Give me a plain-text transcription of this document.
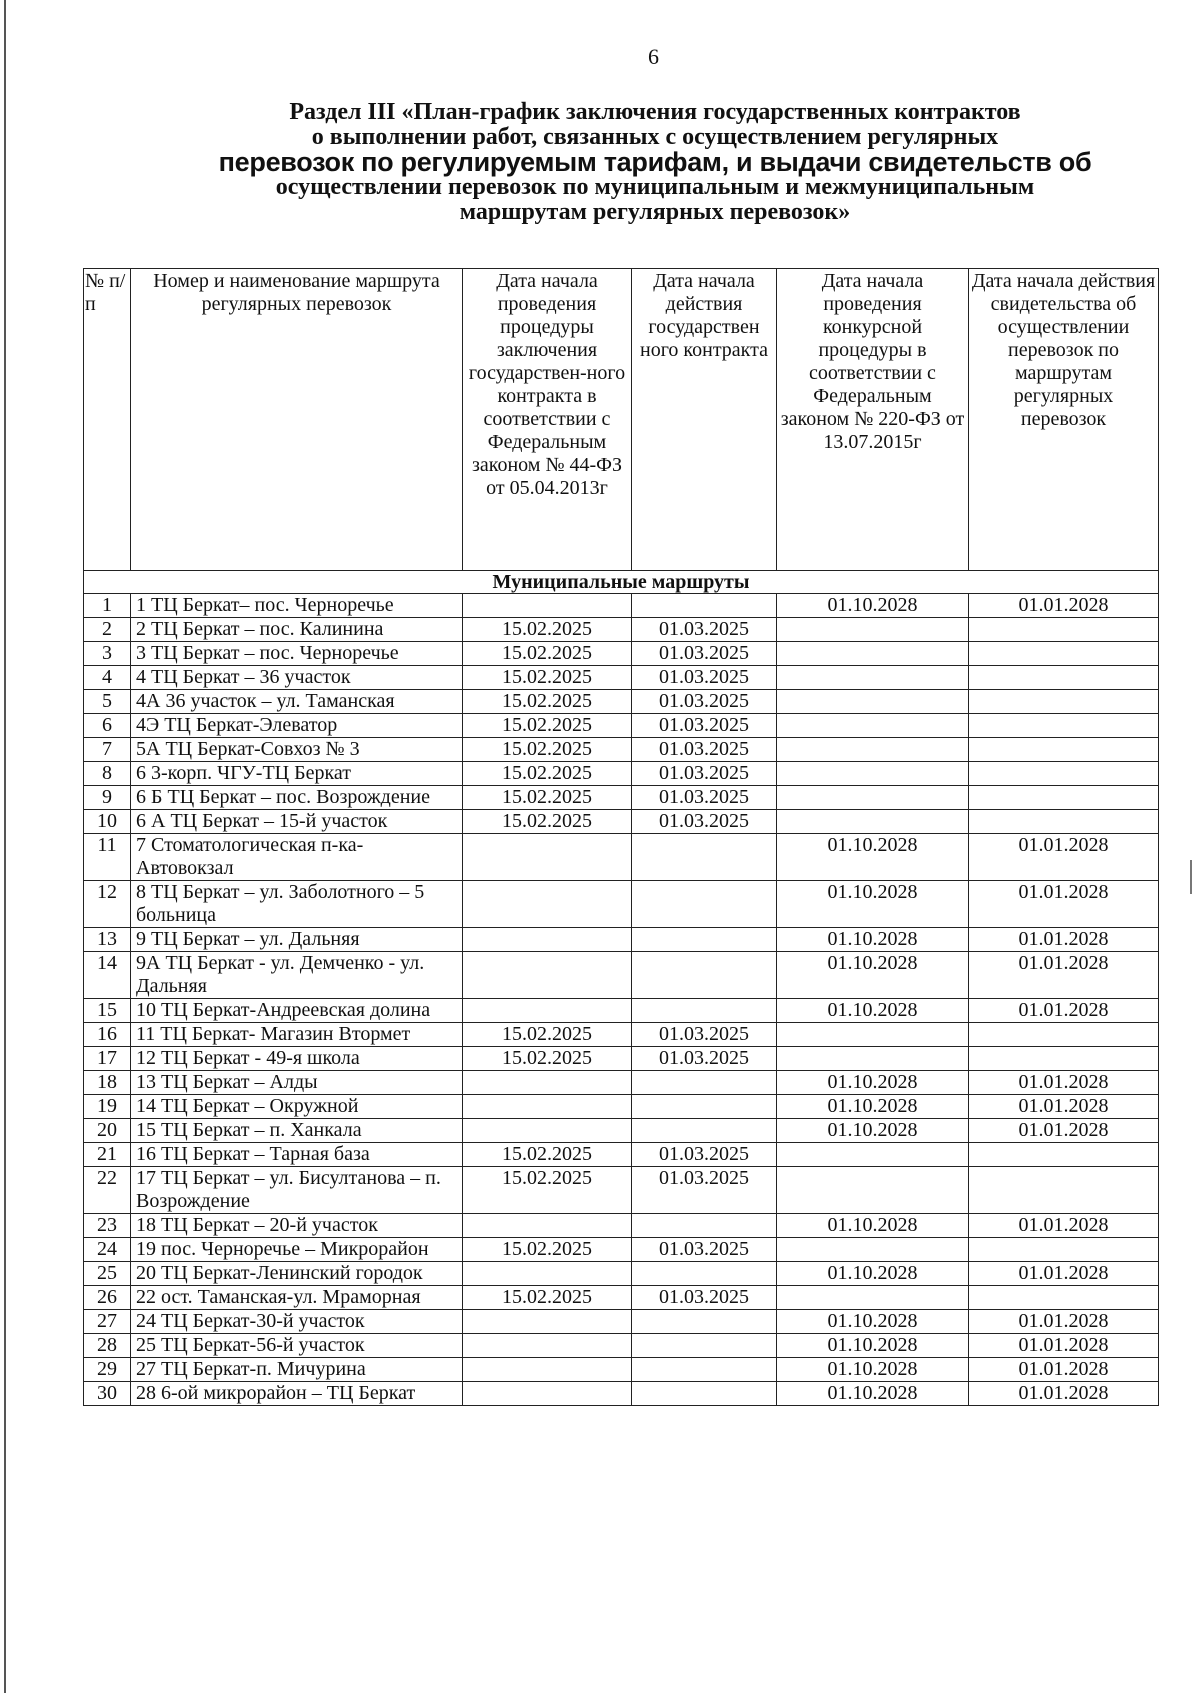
6
Раздел III «План-график заключения государственных контрактов
о выполнении работ, связанных с осуществлением регулярных
перевозок по регулируемым тарифам, и выдачи свидетельств об
осуществлении перевозок по муниципальным и межмуниципальным
маршрутам регулярных перевозок»
№ п/п	Номер и наименование маршрута регулярных перевозок	Дата начала проведения процедуры заключения государствен-ного контракта в соответствии с Федеральным законом № 44-ФЗ от 05.04.2013г	Дата начала действия государствен ного контракта	Дата начала проведения конкурсной процедуры в соответствии с Федеральным законом № 220-ФЗ от 13.07.2015г	Дата начала действия свидетельства об осуществлении перевозок по маршрутам регулярных перевозок
Муниципальные маршруты					
1	1 ТЦ Беркат– пос. Черноречье			01.10.2028	01.01.2028
2	2 ТЦ Беркат – пос. Калинина	15.02.2025	01.03.2025		
3	3 ТЦ Беркат – пос. Черноречье	15.02.2025	01.03.2025		
4	4 ТЦ Беркат – 36 участок	15.02.2025	01.03.2025		
5	4А 36 участок – ул. Таманская	15.02.2025	01.03.2025		
6	4Э ТЦ Беркат-Элеватор	15.02.2025	01.03.2025		
7	5А ТЦ Беркат-Совхоз № 3	15.02.2025	01.03.2025		
8	6 3-корп. ЧГУ-ТЦ Беркат	15.02.2025	01.03.2025		
9	6 Б ТЦ Беркат – пос. Возрождение	15.02.2025	01.03.2025		
10	6 А ТЦ Беркат – 15-й участок	15.02.2025	01.03.2025		
11	7 Стоматологическая п-ка-Автовокзал			01.10.2028	01.01.2028
12	8 ТЦ Беркат – ул. Заболотного – 5 больница			01.10.2028	01.01.2028
13	9 ТЦ Беркат – ул. Дальняя			01.10.2028	01.01.2028
14	9А ТЦ Беркат - ул. Демченко - ул. Дальняя			01.10.2028	01.01.2028
15	10 ТЦ Беркат-Андреевская долина			01.10.2028	01.01.2028
16	11 ТЦ Беркат- Магазин Втормет	15.02.2025	01.03.2025		
17	12 ТЦ Беркат - 49-я школа	15.02.2025	01.03.2025		
18	13 ТЦ Беркат – Алды			01.10.2028	01.01.2028
19	14 ТЦ Беркат – Окружной			01.10.2028	01.01.2028
20	15 ТЦ Беркат – п. Ханкала			01.10.2028	01.01.2028
21	16 ТЦ Беркат – Тарная база	15.02.2025	01.03.2025		
22	17 ТЦ Беркат – ул. Бисултанова – п. Возрождение	15.02.2025	01.03.2025		
23	18 ТЦ Беркат – 20-й участок			01.10.2028	01.01.2028
24	19 пос. Черноречье – Микрорайон	15.02.2025	01.03.2025		
25	20 ТЦ Беркат-Ленинский городок			01.10.2028	01.01.2028
26	22 ост. Таманская-ул. Мраморная	15.02.2025	01.03.2025		
27	24 ТЦ Беркат-30-й участок			01.10.2028	01.01.2028
28	25 ТЦ Беркат-56-й участок			01.10.2028	01.01.2028
29	27 ТЦ Беркат-п. Мичурина			01.10.2028	01.01.2028
30	28 6-ой микрорайон – ТЦ Беркат			01.10.2028	01.01.2028
